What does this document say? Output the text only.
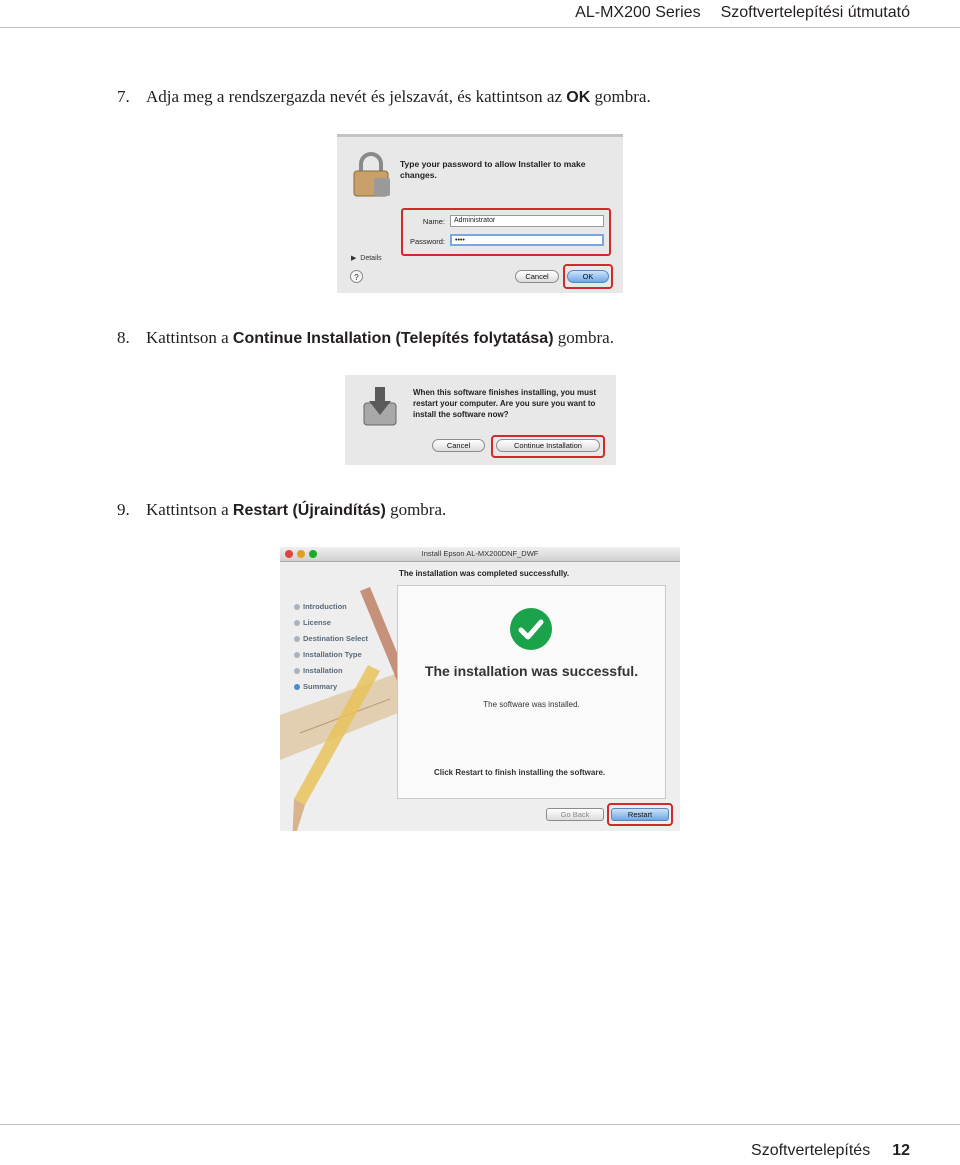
AL-MX200 Series Szoftvertelepítési útmutató
7. Adja meg a rendszergazda nevét és jelszavát, és kattintson az OK gombra.
Type your password to allow Installer to make changes.
Name:	Administrator
Password:	••••
▶ Details
?	Cancel	OK
8. Kattintson a Continue Installation (Telepítés folytatása) gombra.
When this software finishes installing, you must restart your computer. Are you sure you want to install the software now?
Cancel	Continue Installation
9. Kattintson a Restart (Újraindítás) gombra.
Install Epson AL-MX200DNF_DWF
The installation was completed successfully.
Introduction
License
Destination Select
Installation Type
Installation
Summary
The installation was successful.
The software was installed.
Click Restart to finish installing the software.
Go Back	Restart
Szoftvertelepítés 12
